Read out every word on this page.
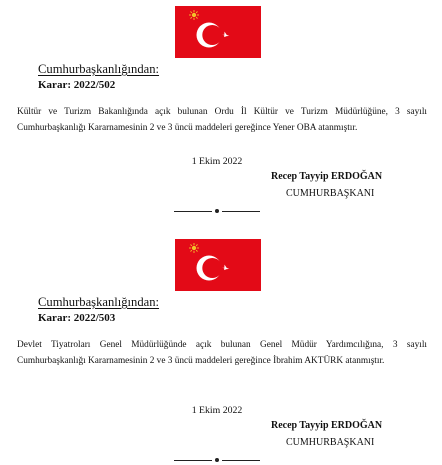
Cumhurbaşkanlığından:
Karar: 2022/502

Kültür ve Turizm Bakanlığında açık bulunan Ordu İl Kültür ve Turizm Müdürlüğüne, 3 sayılı Cumhurbaşkanlığı Kararnamesinin 2 ve 3 üncü maddeleri gereğince Yener OBA atanmıştır.

1 Ekim 2022
Recep Tayyip ERDOĞAN
CUMHURBAŞKANI
Cumhurbaşkanlığından:
Karar: 2022/503

Devlet Tiyatroları Genel Müdürlüğünde açık bulunan Genel Müdür Yardımcılığına, 3 sayılı Cumhurbaşkanlığı Kararnamesinin 2 ve 3 üncü maddeleri gereğince İbrahim AKTÜRK atanmıştır.

1 Ekim 2022
Recep Tayyip ERDOĞAN
CUMHURBAŞKANI
